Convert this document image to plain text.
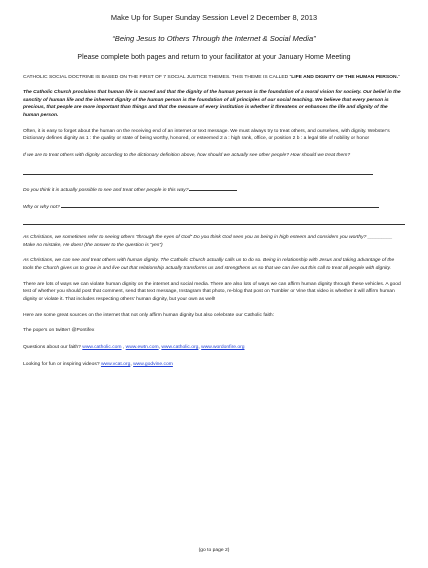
Make Up for Super Sunday Session Level 2 December 8, 2013
“Being Jesus to Others Through the Internet & Social Media”
Please complete both pages and return to your facilitator at your January Home Meeting

CATHOLIC SOCIAL DOCTRINE IS BASED ON THE FIRST OF 7 SOCIAL JUSTICE THEMES. THIS THEME IS CALLED “LIFE AND DIGNITY OF THE HUMAN PERSON.”

The Catholic Church proclaims that human life is sacred and that the dignity of the human person is the foundation of a moral vision for society. Our belief in the sanctity of human life and the inherent dignity of the human person is the foundation of all principles of our social teaching. We believe that every person is precious, that people are more important than things and that the measure of every institution is whether it threatens or enhances the life and dignity of the human person.

Often, it is easy to forget about the human on the receiving end of an internet or text message. We must always try to treat others, and ourselves, with dignity. Webster’s Dictionary defines dignity as 1 : the quality or state of being worthy, honored, or esteemed 2 a : high rank, office, or position 2 b : a legal title of nobility or honor

If we are to treat others with dignity according to the dictionary definition above, how should we actually see other people? How should we treat them?

Do you think it is actually possible to see and treat other people in this way?

Why or why not?

As Christians, we sometimes refer to seeing others “through the eyes of God” Do you think God sees you as being in high esteem and considers you worthy? _________ Make no mistake, He does! (the answer to the question is “yes”)

As Christians, we can see and treat others with human dignity. The Catholic Church actually calls us to do so. Being in relationship with Jesus and taking advantage of the tools the Church gives us to grow in and live out that relationship actually transforms us and strengthens us so that we can live out this call to treat all people with dignity.

There are lots of ways we can violate human dignity on the internet and social media. There are also lots of ways we can affirm human dignity through these vehicles. A good test of whether you should post that comment, send that text message, Instagram that photo, re-blog that post on Tumbler or Vine that video is whether it will affirm human dignity or violate it. That includes respecting others’ human dignity, but your own as well!

Here are some great sources on the internet that not only affirm human dignity but also celebrate our Catholic faith:

The pope’s on twitter! @Pontifex

Questions about our faith? www.catholic.com , www.ewtn.com, www.catholic.org, www.wordonfire.org

Looking for fun or inspiring videos? www.vcat.org, www.godvine.com

(go to page 2)
